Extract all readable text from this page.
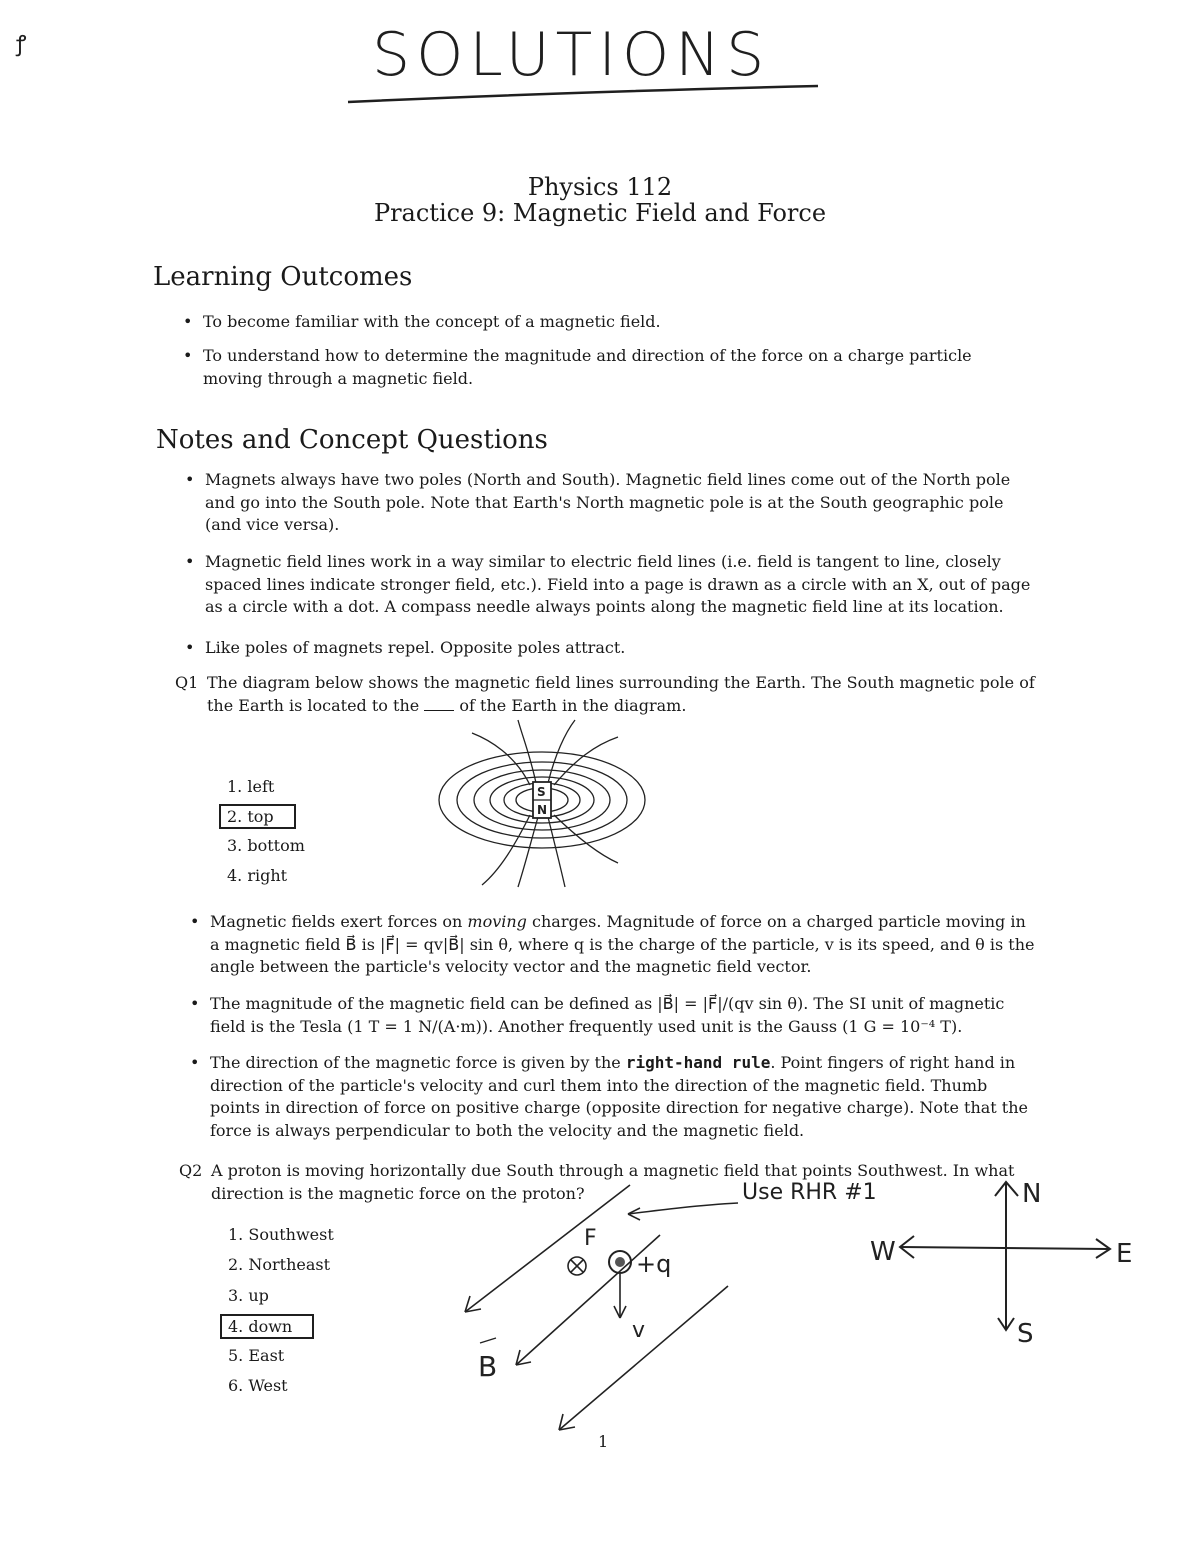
SOLUTIONS
ꝭ
Physics 112
Practice 9: Magnetic Field and Force
Learning Outcomes
• To become familiar with the concept of a magnetic field.
• To understand how to determine the magnitude and direction of the force on a charge particle moving through a magnetic field.
Notes and Concept Questions
• Magnets always have two poles (North and South). Magnetic field lines come out of the North pole and go into the South pole. Note that Earth's North magnetic pole is at the South geographic pole (and vice versa).
• Magnetic field lines work in a way similar to electric field lines (i.e. field is tangent to line, closely spaced lines indicate stronger field, etc.). Field into a page is drawn as a circle with an X, out of page as a circle with a dot. A compass needle always points along the magnetic field line at its location.
• Like poles of magnets repel. Opposite poles attract.
Q1 The diagram below shows the magnetic field lines surrounding the Earth. The South magnetic pole of the Earth is located to the	of the Earth in the diagram.
1. left
2. top
3. bottom
4. right
S
N
• Magnetic fields exert forces on moving charges. Magnitude of force on a charged particle moving in a magnetic field B⃗ is |F⃗| = qv|B⃗| sin θ, where q is the charge of the particle, v is its speed, and θ is the angle between the particle's velocity vector and the magnetic field vector.
• The magnitude of the magnetic field can be defined as |B⃗| = |F⃗|/(qv sin θ). The SI unit of magnetic field is the Tesla (1 T = 1 N/(A·m)). Another frequently used unit is the Gauss (1 G = 10⁻⁴ T).
• The direction of the magnetic force is given by the right-hand rule. Point fingers of right hand in direction of the particle's velocity and curl them into the direction of the magnetic field. Thumb points in direction of force on positive charge (opposite direction for negative charge). Note that the force is always perpendicular to both the velocity and the magnetic field.
Q2 A proton is moving horizontally due South through a magnetic field that points Southwest. In what direction is the magnetic force on the proton?
1. Southwest
2. Northeast
3. up
4. down
5. East
6. West
Use RHR #1
F
+q
v
B
N
S
E
W
1
